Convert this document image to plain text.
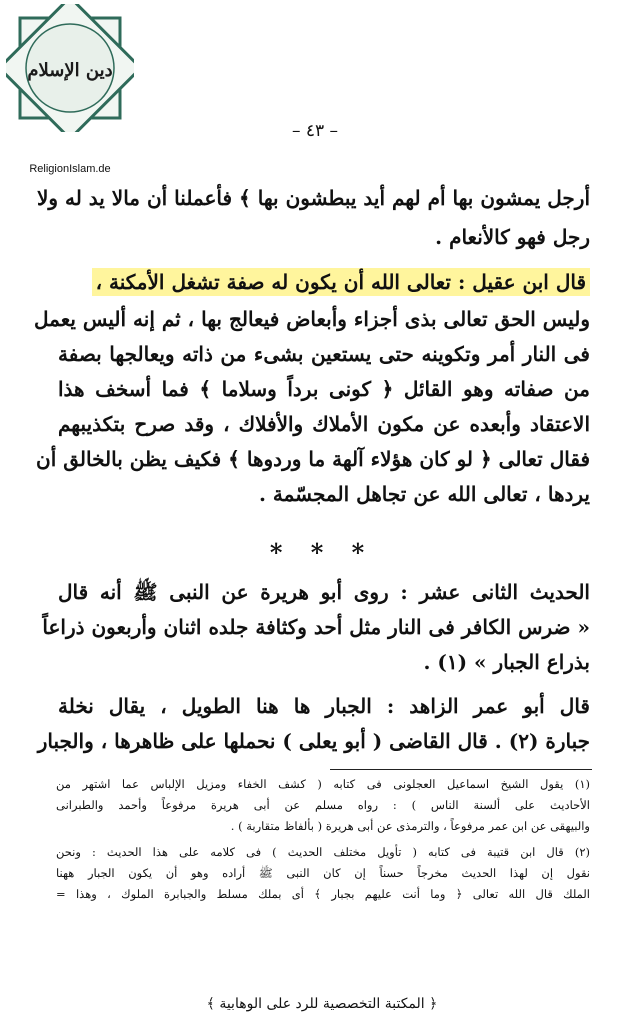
دين الإسلام
ReligionIslam.de
– ٤٣ –
أرجل يمشون بها أم لهم أيد يبطشون بها ﴾ فأعملنا أن مالا يد له ولا
رجل فهو كالأنعام .
قال ابن عقيل : تعالى الله أن يكون له صفة تشغل الأمكنة ،
وليس الحق تعالى بذى أجزاء وأبعاض فيعالج بها ، ثم إنه أليس يعمل
فى النار أمر وتكوينه حتى يستعين بشىء من ذاته ويعالجها بصفة
من صفاته وهو القائل ﴿ كونى برداً وسلاما ﴾ فما أسخف هذا
الاعتقاد وأبعده عن مكون الأملاك والأفلاك ، وقد صرح بتكذيبهم
فقال تعالى ﴿ لو كان هؤلاء آلهة ما وردوها ﴾ فكيف يظن بالخالق أن
يردها ، تعالى الله عن تجاهل المجسّمة .
* * *
الحديث الثانى عشر : روى أبو هريرة عن النبى ﷺ أنه قال
« ضرس الكافر فى النار مثل أحد وكثافة جلده اثنان وأربعون ذراعاً
بذراع الجبار » (١) .
قال أبو عمر الزاهد : الجبار ها هنا الطويل ، يقال نخلة
جبارة (٢) . قال القاضى ( أبو يعلى ) نحملها على ظاهرها ، والجبار
(١) يقول الشيخ اسماعيل العجلونى فى كتابه ( كشف الخفاء ومزيل الإلباس عما اشتهر من
الأحاديث على ألسنة الناس ) : رواه مسلم عن أبى هريرة مرفوعاً وأحمد والطبرانى
والبيهقى عن ابن عمر مرفوعاً ، والترمذى عن أبى هريرة ( بألفاظ متقاربة ) .
(٢) قال ابن قتيبة فى كتابه ( تأويل مختلف الحديث ) فى كلامه على هذا الحديث : ونحن
نقول إن لهذا الحديث مخرجاً حسناً إن كان النبى ﷺ أراده وهو أن يكون الجبار ههنا
الملك قال الله تعالى ﴿ وما أنت عليهم بجبار ﴾ أى بملك مسلط والجبابرة الملوك ، وهذا =
﴿ المكتبة التخصصية للرد على الوهابية ﴾
